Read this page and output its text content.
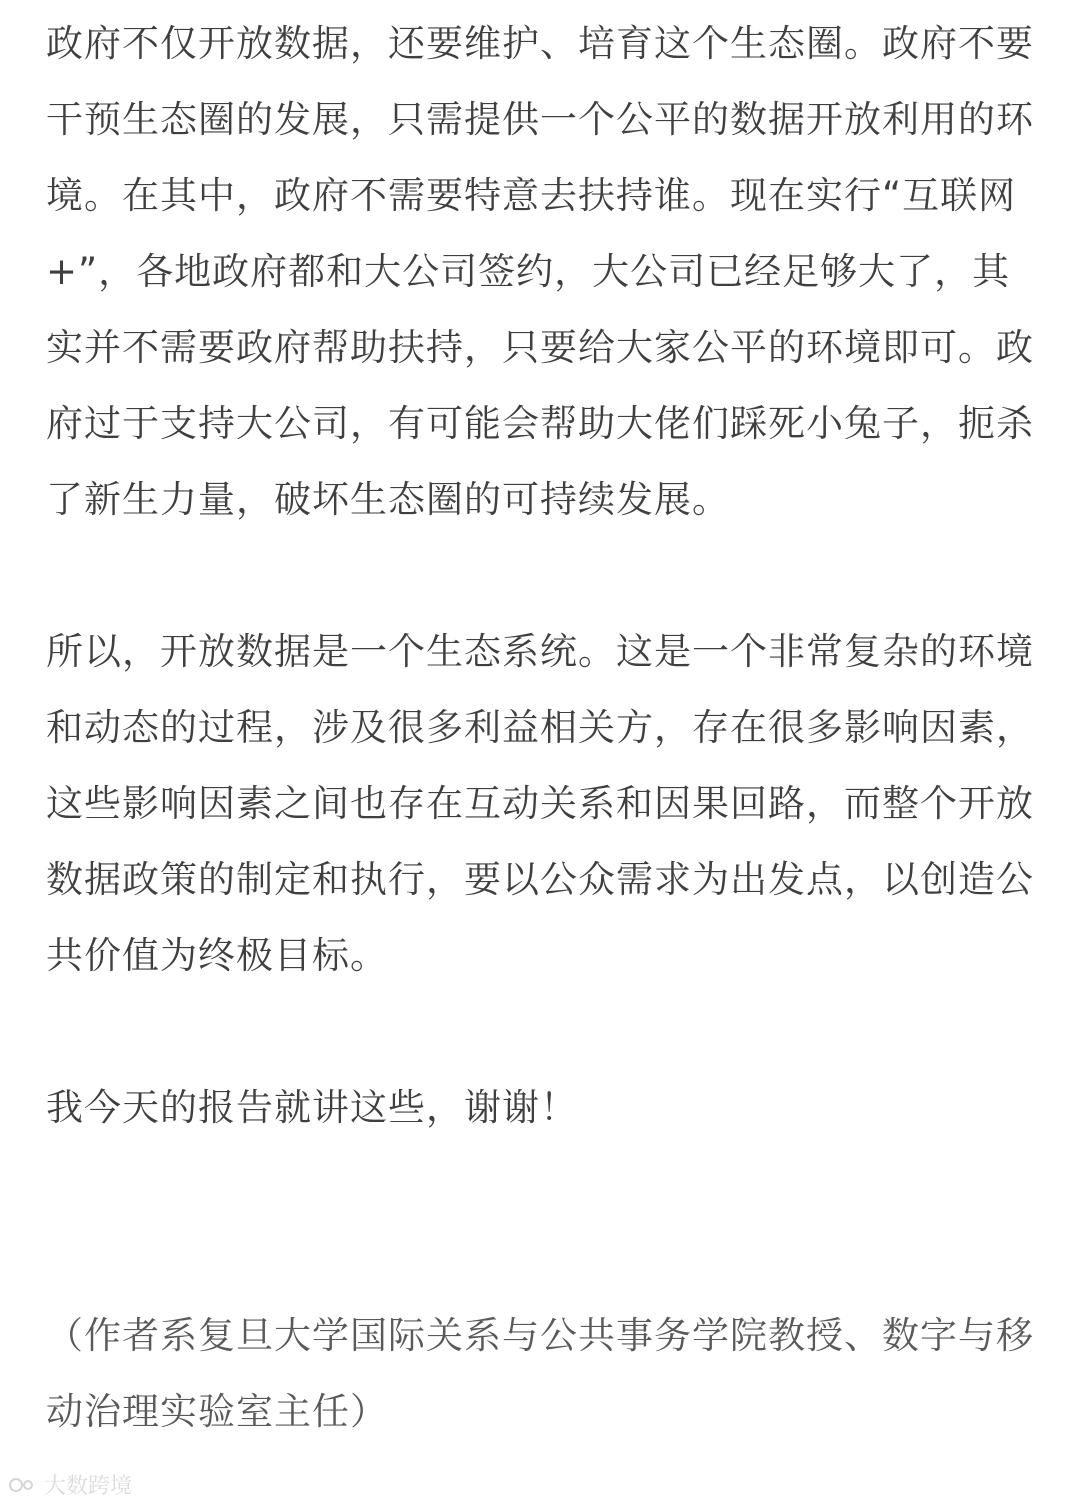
政府不仅开放数据，还要维护、培育这个生态圈。政府不要干预生态圈的发展，只需提供一个公平的数据开放利用的环境。在其中，政府不需要特意去扶持谁。现在实行“互联网+”，各地政府都和大公司签约，大公司已经足够大了，其实并不需要政府帮助扶持，只要给大家公平的环境即可。政府过于支持大公司，有可能会帮助大佬们踩死小兔子，扼杀了新生力量，破坏生态圈的可持续发展。

所以，开放数据是一个生态系统。这是一个非常复杂的环境和动态的过程，涉及很多利益相关方，存在很多影响因素，这些影响因素之间也存在互动关系和因果回路，而整个开放数据政策的制定和执行，要以公众需求为出发点，以创造公共价值为终极目标。

我今天的报告就讲这些，谢谢！

（作者系复旦大学国际关系与公共事务学院教授、数字与移动治理实验室主任）

大数跨境
